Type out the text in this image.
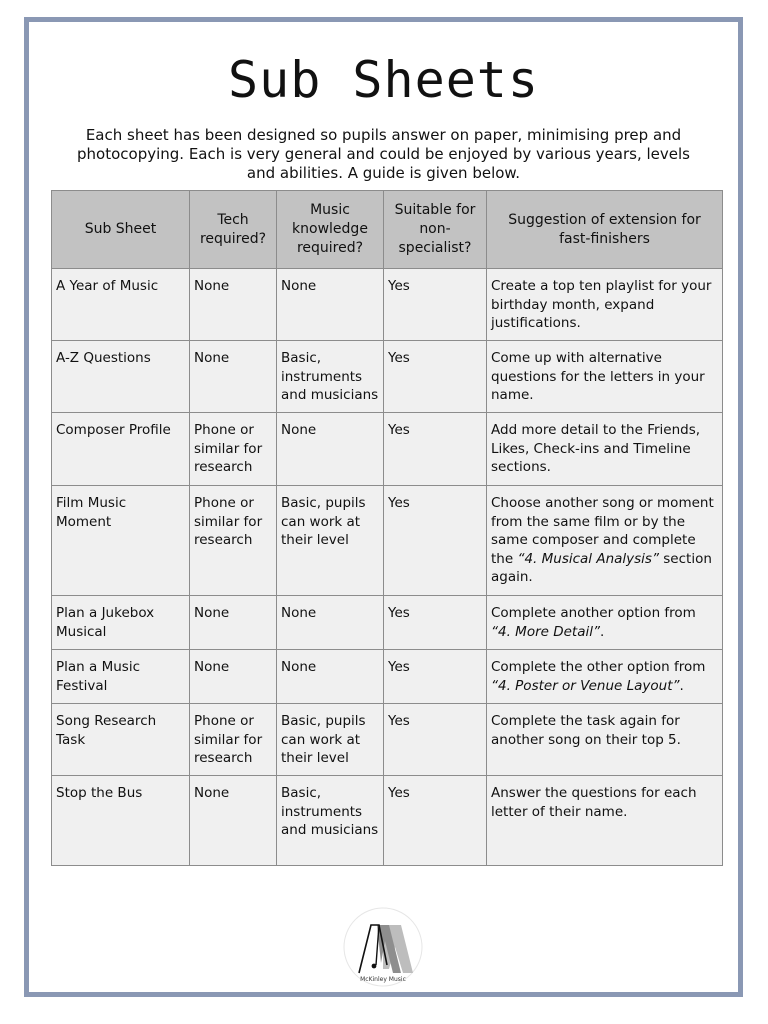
Sub Sheets
Each sheet has been designed so pupils answer on paper, minimising prep and photocopying. Each is very general and could be enjoyed by various years, levels and abilities. A guide is given below.
Sub Sheet	Tech required?	Music knowledge required?	Suitable for non-specialist?	Suggestion of extension for fast-finishers
A Year of Music	None	None	Yes	Create a top ten playlist for your birthday month, expand justifications.
A-Z Questions	None	Basic, instruments and musicians	Yes	Come up with alternative questions for the letters in your name.
Composer Profile	Phone or similar for research	None	Yes	Add more detail to the Friends, Likes, Check-ins and Timeline sections.
Film Music Moment	Phone or similar for research	Basic, pupils can work at their level	Yes	Choose another song or moment from the same film or by the same composer and complete the “4. Musical Analysis” section again.
Plan a Jukebox Musical	None	None	Yes	Complete another option from “4. More Detail”.
Plan a Music Festival	None	None	Yes	Complete the other option from “4. Poster or Venue Layout”.
Song Research Task	Phone or similar for research	Basic, pupils can work at their level	Yes	Complete the task again for another song on their top 5.
Stop the Bus	None	Basic, instruments and musicians	Yes	Answer the questions for each letter of their name.
McKinley Music
